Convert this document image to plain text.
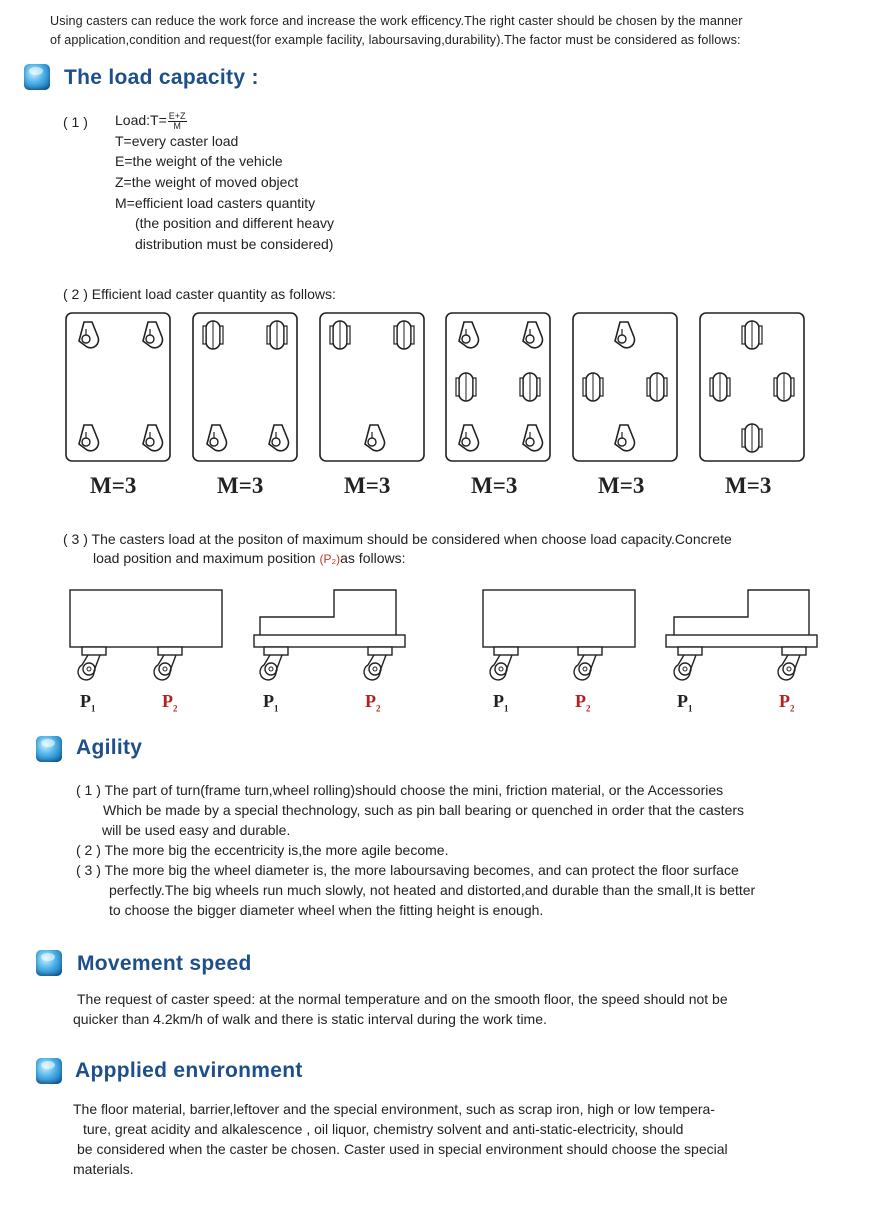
Using casters can reduce the work force and increase the work efficency.The right caster should be chosen by the manner
of application,condition and request(for example facility, laboursaving,durability).The factor must be considered as follows:
The load capacity :
( 1 ) Load:T= $\frac{E+Z}{M}$
T=every caster load
E=the weight of the vehicle
Z=the weight of moved object
M=efficient load casters quantity
(the position and different heavy
distribution must be considered)
( 2 ) Efficient load caster quantity as follows:
M=3	M=3	M=3	M=3	M=3	M=3
( 3 ) The casters load at the positon of maximum should be considered when choose load capacity.Concrete
load position and maximum position (P₂)as follows:
$P_1$	$P_2$	$P_1$	$P_2$	$P_1$	$P_2$	$P_1$	$P_2$
Agility
( 1 ) The part of turn(frame turn,wheel rolling)should choose the mini, friction material, or the Accessories
Which be made by a special thechnology, such as pin ball bearing or quenched in order that the casters
will be used easy and durable.
( 2 ) The more big the eccentricity is,the more agile become.
( 3 ) The more big the wheel diameter is, the more laboursaving becomes, and can protect the floor surface
perfectly.The big wheels run much slowly, not heated and distorted,and durable than the small,It is better
to choose the bigger diameter wheel when the fitting height is enough.
Movement speed
The request of caster speed: at the normal temperature and on the smooth floor, the speed should not be
quicker than 4.2km/h of walk and there is static interval during the work time.
Appplied environment
The floor material, barrier,leftover and the special environment, such as scrap iron, high or low tempera-
ture, great acidity and alkalescence , oil liquor, chemistry solvent and anti-static-electricity, should
be considered when the caster be chosen. Caster used in special environment should choose the special
materials.
